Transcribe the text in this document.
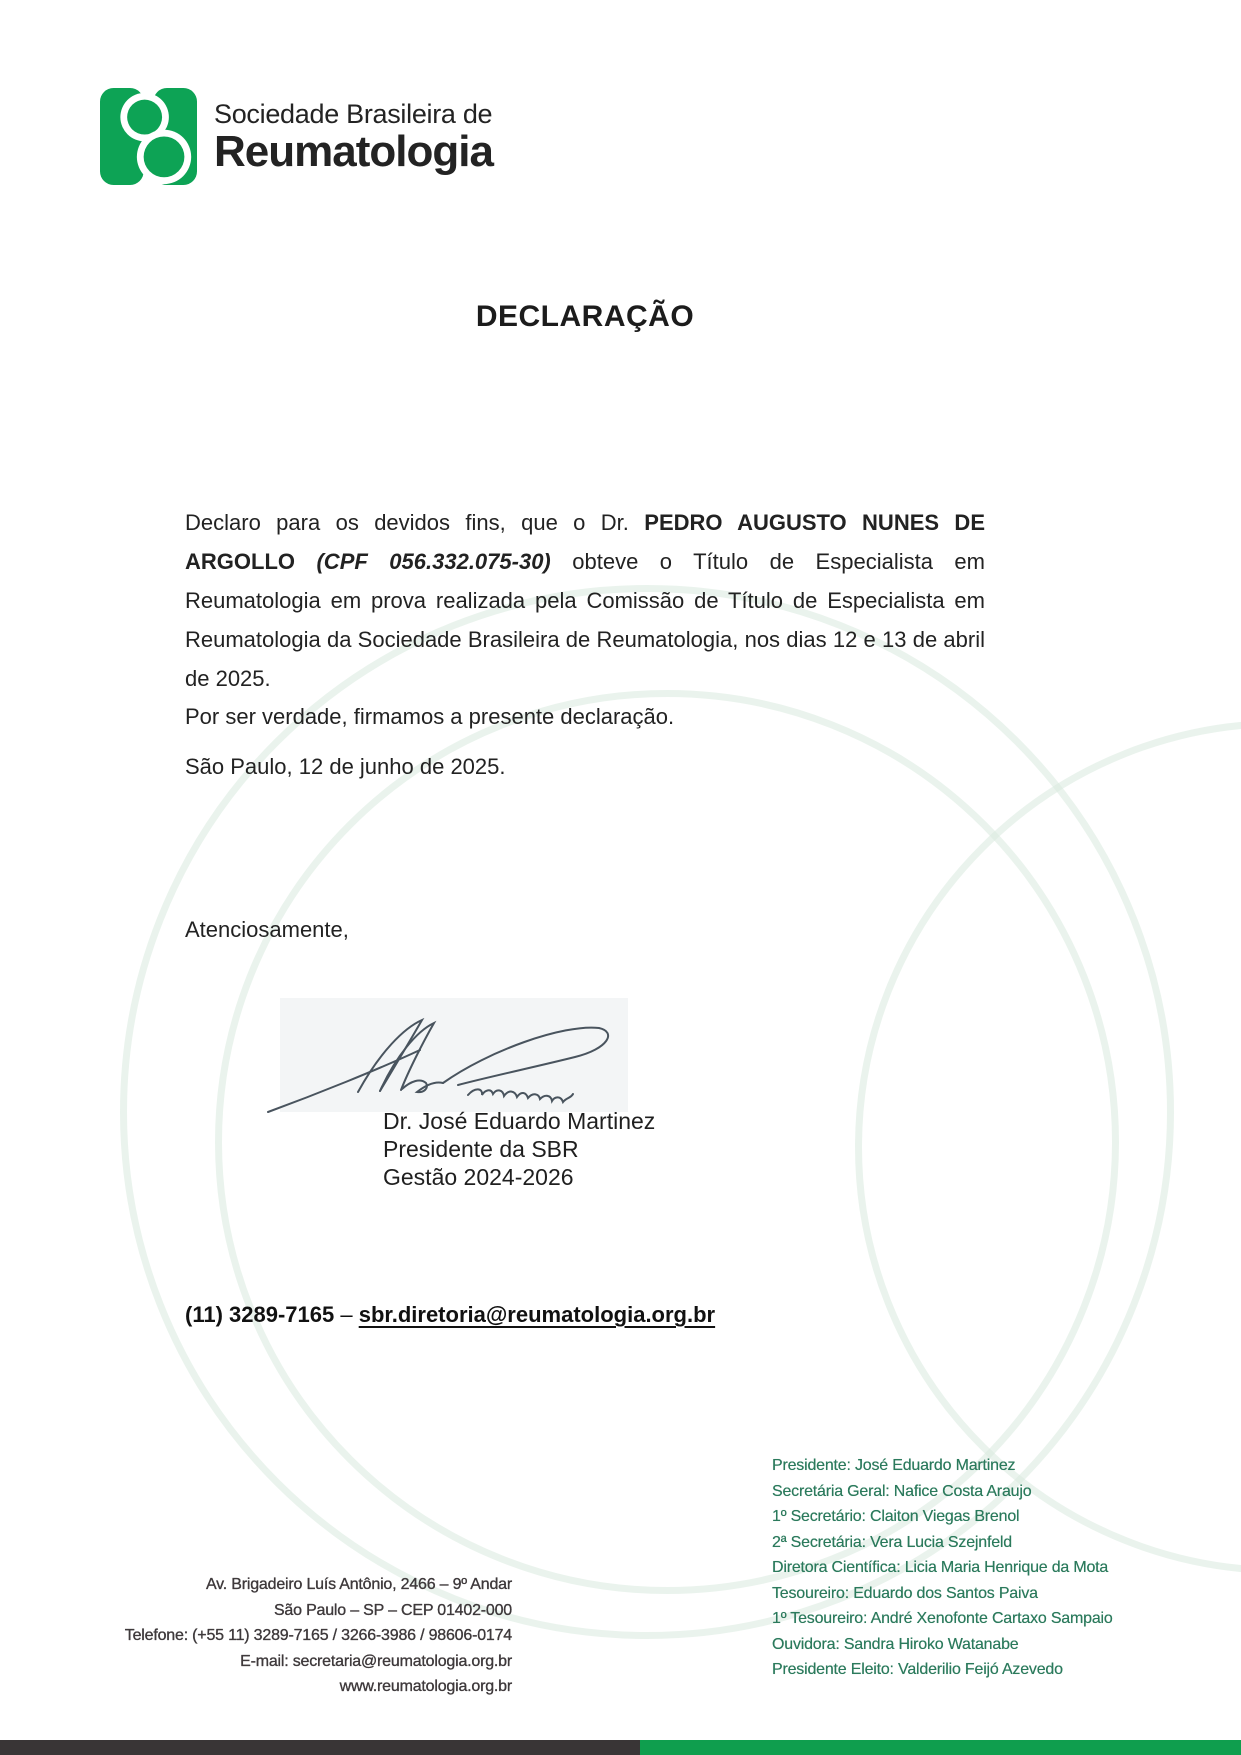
Sociedade Brasileira de
Reumatologia
DECLARAÇÃO

Declaro para os devidos fins, que o Dr. PEDRO AUGUSTO NUNES DE ARGOLLO (CPF 056.332.075-30) obteve o Título de Especialista em Reumatologia em prova realizada pela Comissão de Título de Especialista em Reumatologia da Sociedade Brasileira de Reumatologia, nos dias 12 e 13 de abril de 2025.

Por ser verdade, firmamos a presente declaração.

São Paulo, 12 de junho de 2025.

Atenciosamente,

Dr. José Eduardo Martinez
Presidente da SBR
Gestão 2024-2026

(11) 3289-7165 – sbr.diretoria@reumatologia.org.br

Av. Brigadeiro Luís Antônio, 2466 – 9º Andar
São Paulo – SP – CEP 01402-000
Telefone: (+55 11) 3289-7165 / 3266-3986 / 98606-0174
E-mail: secretaria@reumatologia.org.br
www.reumatologia.org.br
Presidente: José Eduardo Martinez
Secretária Geral: Nafice Costa Araujo
1º Secretário: Claiton Viegas Brenol
2ª Secretária: Vera Lucia Szejnfeld
Diretora Científica: Licia Maria Henrique da Mota
Tesoureiro: Eduardo dos Santos Paiva
1º Tesoureiro: André Xenofonte Cartaxo Sampaio
Ouvidora: Sandra Hiroko Watanabe
Presidente Eleito: Valderilio Feijó Azevedo
